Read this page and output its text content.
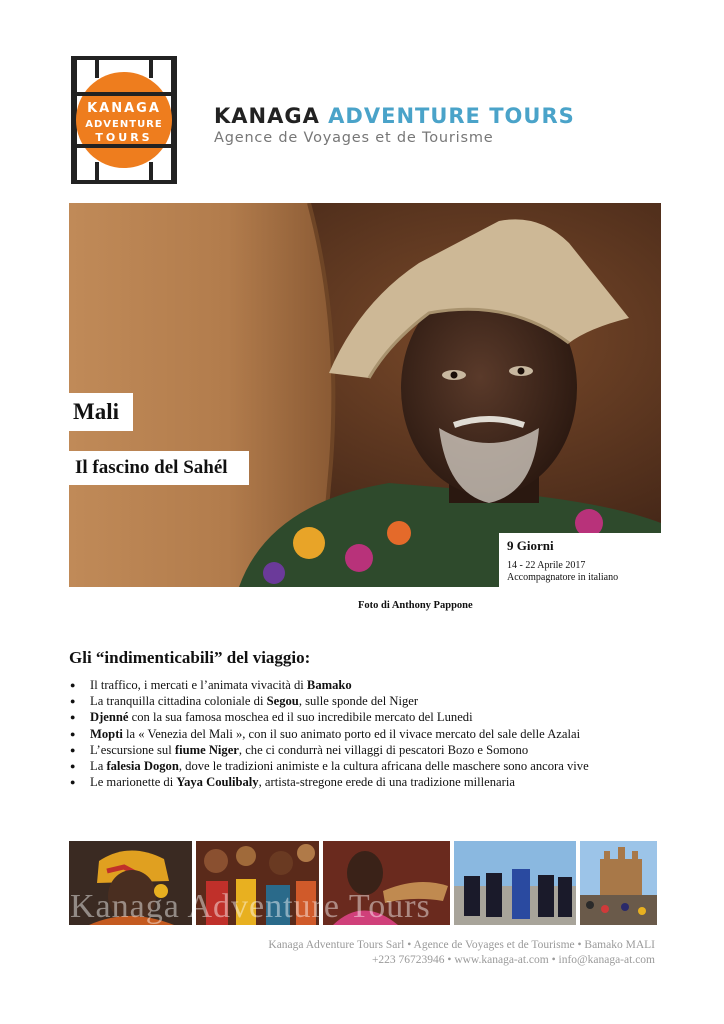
KANAGA
ADVENTURE
TOURS
KANAGA ADVENTURE TOURS
Agence de Voyages et de Tourisme
Mali
Il fascino del Sahél
9 Giorni
14 - 22 Aprile 2017
Accompagnatore in italiano
Foto di Anthony Pappone
Gli “indimenticabili” del viaggio:
● Il traffico, i mercati e l’animata vivacità di Bamako
● La tranquilla cittadina coloniale di Segou, sulle sponde del Niger
● Djenné con la sua famosa moschea ed il suo incredibile mercato del Lunedi
● Mopti la « Venezia del Mali », con il suo animato porto ed il vivace mercato del sale delle Azalai
● L’escursione sul fiume Niger, che ci condurrà nei villaggi di pescatori Bozo e Somono
● La falesia Dogon, dove le tradizioni animiste e la cultura africana delle maschere sono ancora vive
● Le marionette di Yaya Coulibaly, artista-stregone erede di una tradizione millenaria
Kanaga Adventure Tours
Kanaga Adventure Tours Sarl • Agence de Voyages et de Tourisme • Bamako MALI
+223 76723946 • www.kanaga-at.com • info@kanaga-at.com
